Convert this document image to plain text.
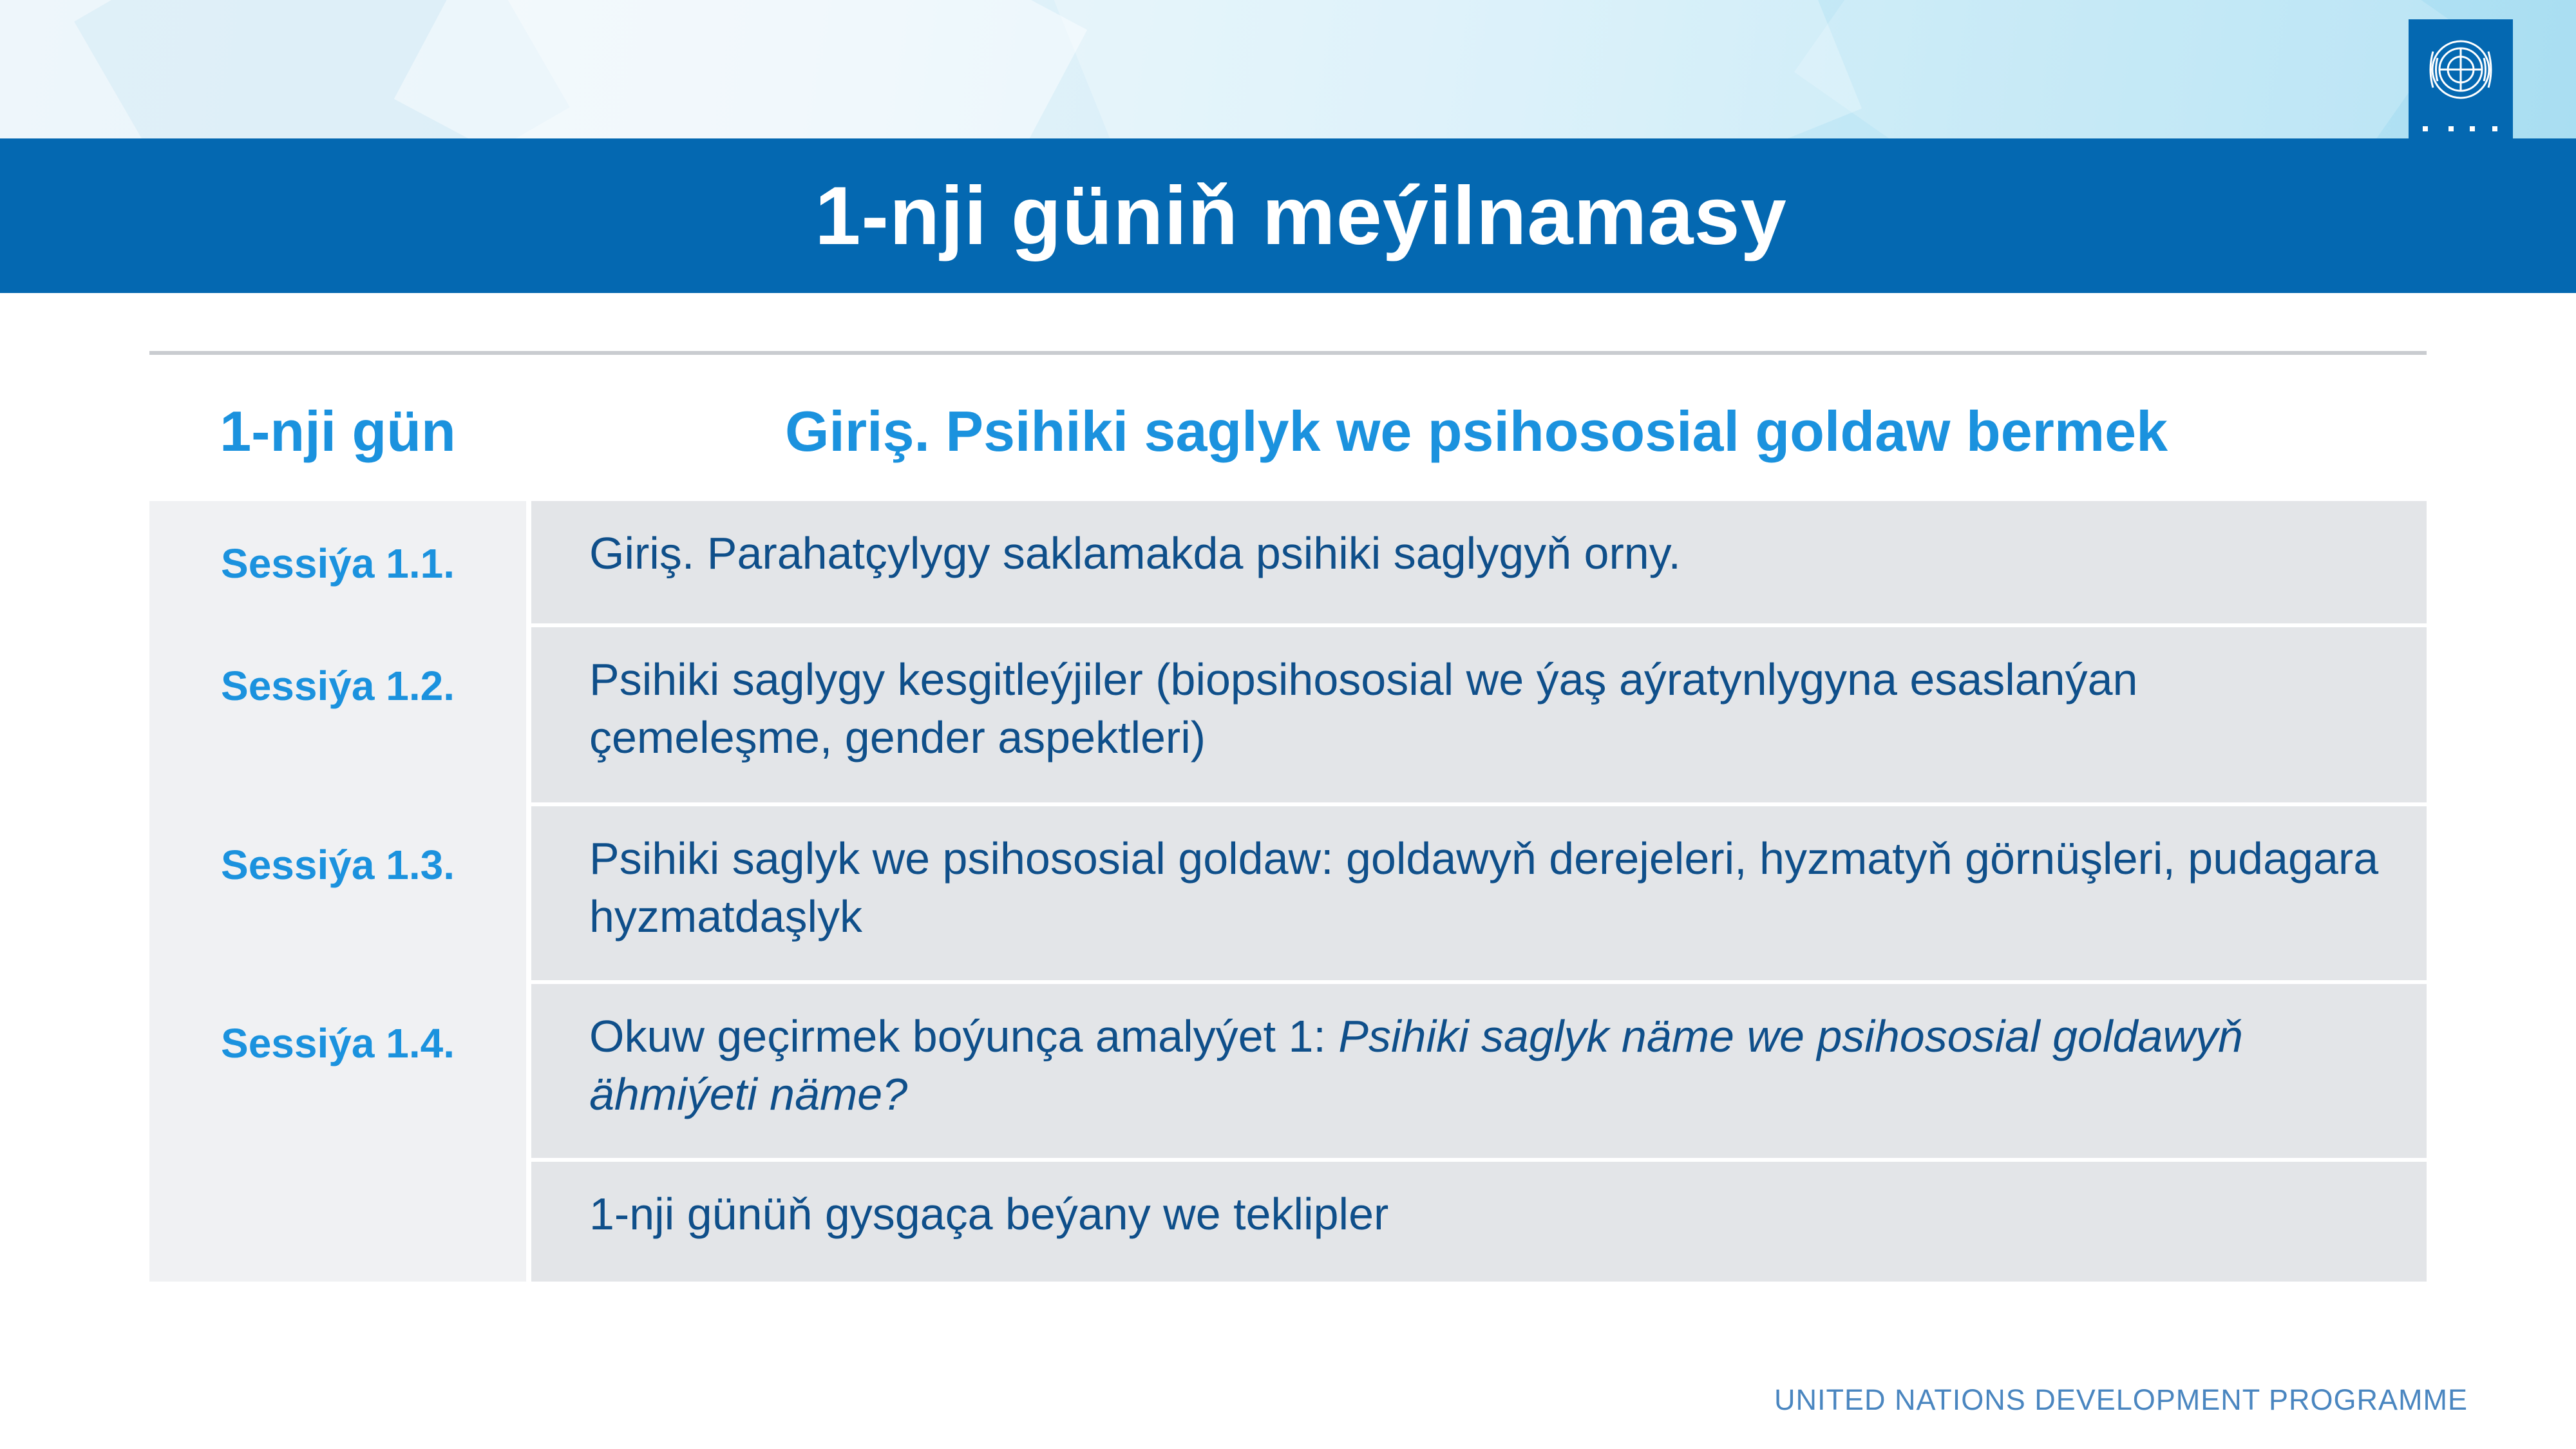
1-nji güniň meýilnamasy
1-nji gün	Giriş. Psihiki saglyk we psihososial goldaw bermek
Sessiýa 1.1.
Sessiýa 1.2.
Sessiýa 1.3.
Sessiýa 1.4.
Giriş. Parahatçylygy saklamakda psihiki saglygyň orny.
Psihiki saglygy kesgitleýjiler (biopsihososial we ýaş aýratynlygyna esaslanýan çemeleşme, gender aspektleri)
Psihiki saglyk we psihososial goldaw: goldawyň derejeleri, hyzmatyň görnüşleri, pudagara hyzmatdaşlyk
Okuw geçirmek boýunça amalyýet 1: Psihiki saglyk näme we psihososial goldawyň ähmiýeti näme?
1-nji günüň gysgaça beýany we teklipler
UNITED NATIONS DEVELOPMENT PROGRAMME
